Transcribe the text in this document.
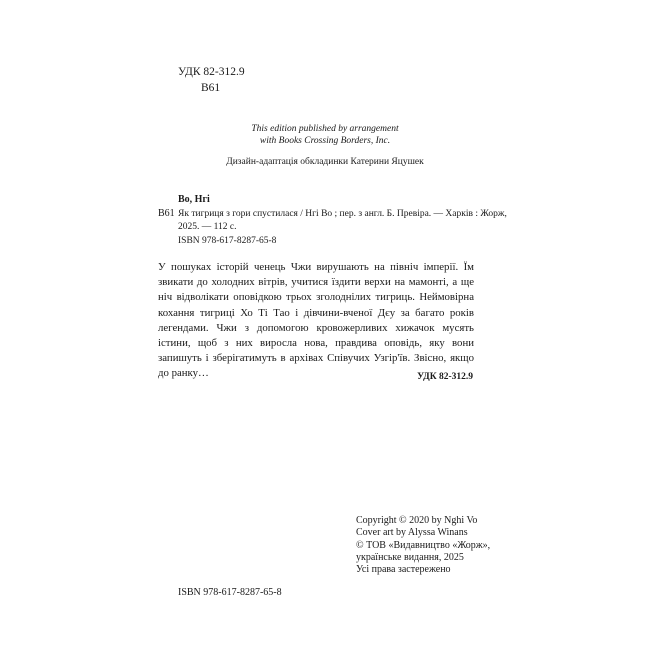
УДК 82-312.9
В61
This edition published by arrangement
with Books Crossing Borders, Inc.
Дизайн-адаптація обкладинки Катерини Яцушек
Во, Нгі
В61 Як тигриця з гори спустилася / Нгі Во ; пер. з англ. Б. Превіра. — Харків : Жорж,
2025. — 112 с.
ISBN 978-617-8287-65-8
У пошуках історій ченець Чжи вирушають на північ імперії. Їм
звикати до холодних вітрів, учитися їздити верхи на мамонті, а ще
ніч відволікати оповідкою трьох зголоднілих тигриць. Неймовірна
кохання тигриці Хо Ті Тао і дівчини-вченої Дєу за багато років
легендами. Чжи з допомогою кровожерливих хижачок мусять
істини, щоб з них виросла нова, правдива оповідь, яку вони
запишуть і зберігатимуть в архівах Співучих Узгір'їв. Звісно, якщо
до ранку…	УДК 82-312.9
Copyright © 2020 by Nghi Vo
Cover art by Alyssa Winans
© ТОВ «Видавництво «Жорж»,
українське видання, 2025
Усі права застережено
ISBN 978-617-8287-65-8
